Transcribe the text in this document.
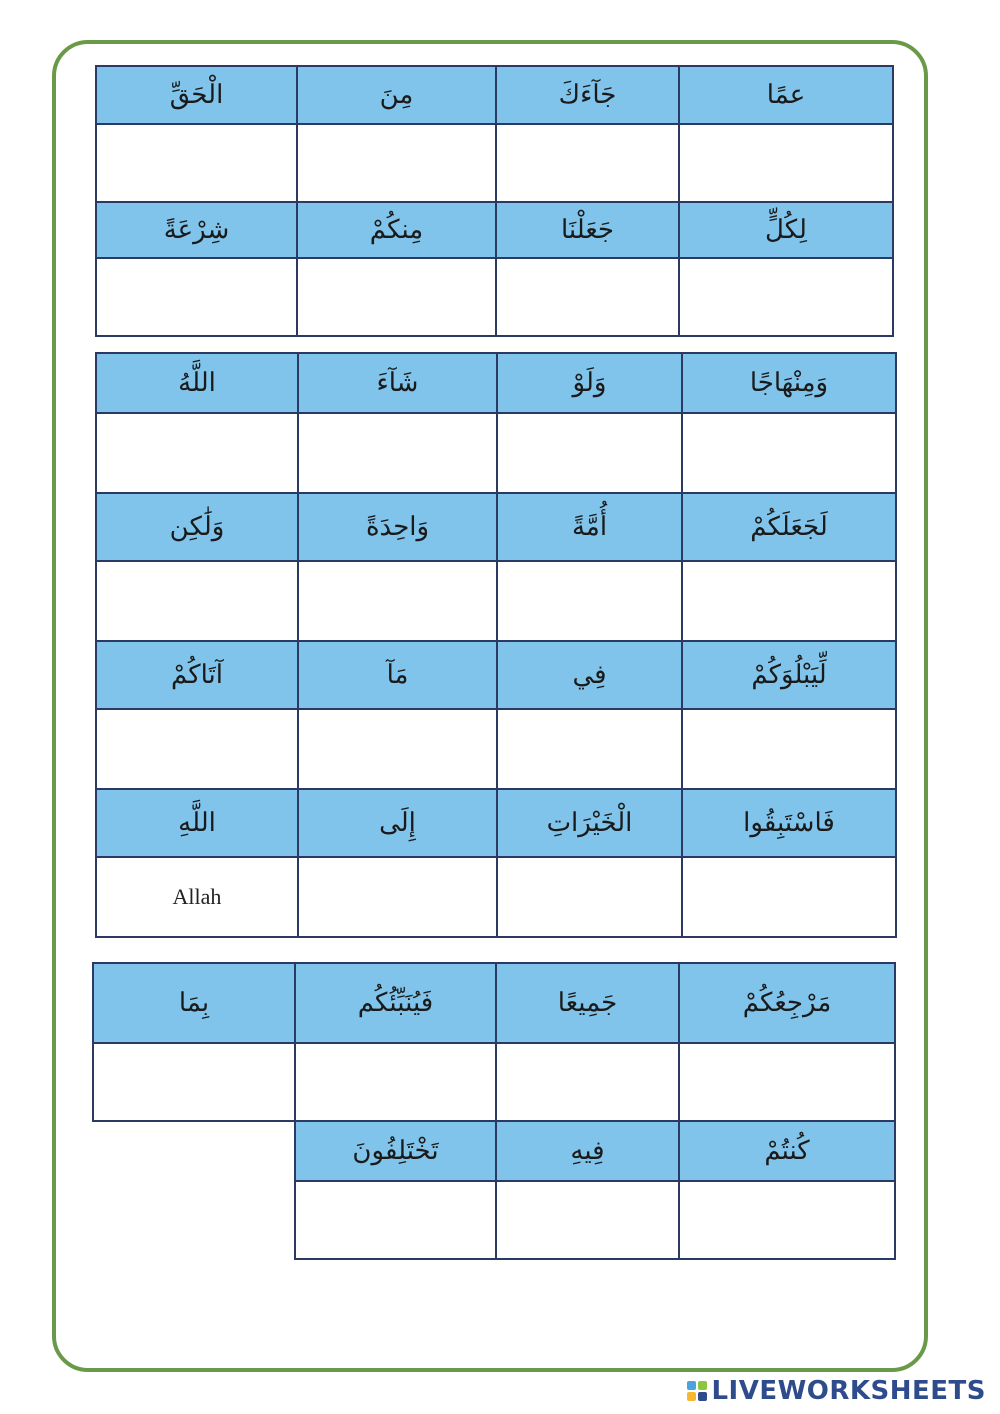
عمًا	جَآءَكَ	مِنَ	الْحَقِّ

لِكُلٍّ	جَعَلْنَا	مِنكُمْ	شِرْعَةً

وَمِنْهَاجًا	وَلَوْ	شَآءَ	اللَّهُ

لَجَعَلَكُمْ	أُمَّةً	وَاحِدَةً	وَلَٰكِن

لِّيَبْلُوَكُمْ	فِي	مَآ	آتَاكُمْ

فَاسْتَبِقُوا	الْخَيْرَاتِ	إِلَى	اللَّهِ
			Allah
مَرْجِعُكُمْ	جَمِيعًا	فَيُنَبِّئُكُم	بِمَا

كُنتُمْ	فِيهِ	تَخْتَلِفُونَ	

LIVEWORKSHEETS
